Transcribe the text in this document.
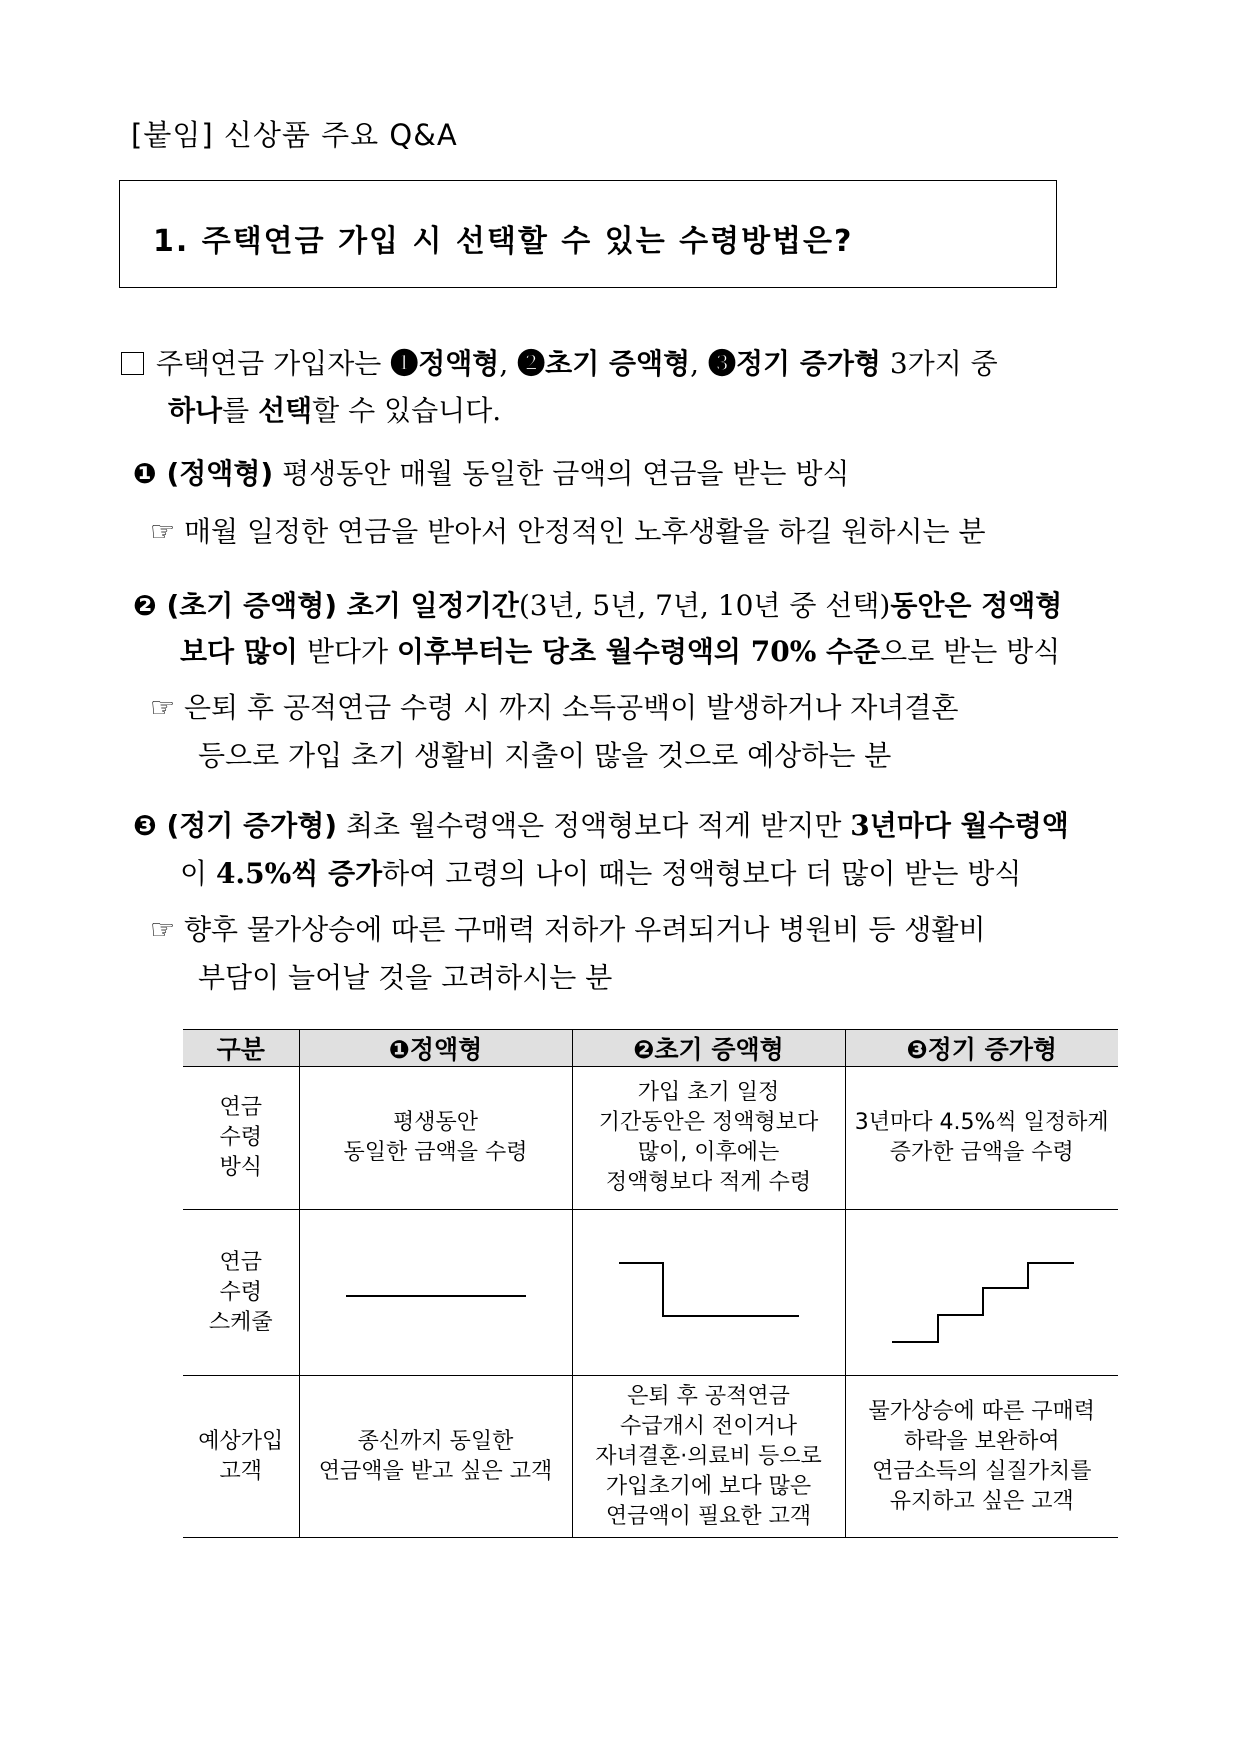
[붙임] 신상품 주요 Q&A
1. 주택연금 가입 시 선택할 수 있는 수령방법은?
주택연금 가입자는 ❶정액형, ❷초기 증액형, ❸정기 증가형 3가지 중
하나를 선택할 수 있습니다.
❶ (정액형) 평생동안 매월 동일한 금액의 연금을 받는 방식
☞ 매월 일정한 연금을 받아서 안정적인 노후생활을 하길 원하시는 분
❷ (초기 증액형) 초기 일정기간(3년, 5년, 7년, 10년 중 선택)동안은 정액형
보다 많이 받다가 이후부터는 당초 월수령액의 70% 수준으로 받는 방식
☞ 은퇴 후 공적연금 수령 시 까지 소득공백이 발생하거나 자녀결혼
등으로 가입 초기 생활비 지출이 많을 것으로 예상하는 분
❸ (정기 증가형) 최초 월수령액은 정액형보다 적게 받지만 3년마다 월수령액
이 4.5%씩 증가하여 고령의 나이 때는 정액형보다 더 많이 받는 방식
☞ 향후 물가상승에 따른 구매력 저하가 우려되거나 병원비 등 생활비
부담이 늘어날 것을 고려하시는 분
구분	❶정액형	❷초기 증액형	❸정기 증가형

연금
수령
방식	평생동안
동일한 금액을 수령	가입 초기 일정
기간동안은 정액형보다
많이, 이후에는
정액형보다 적게 수령	3년마다 4.5%씩 일정하게
증가한 금액을 수령

연금
수령
스케줄

예상가입
고객	종신까지 동일한
연금액을 받고 싶은 고객	은퇴 후 공적연금
수급개시 전이거나
자녀결혼·의료비 등으로
가입초기에 보다 많은
연금액이 필요한 고객	물가상승에 따른 구매력
하락을 보완하여
연금소득의 실질가치를
유지하고 싶은 고객
